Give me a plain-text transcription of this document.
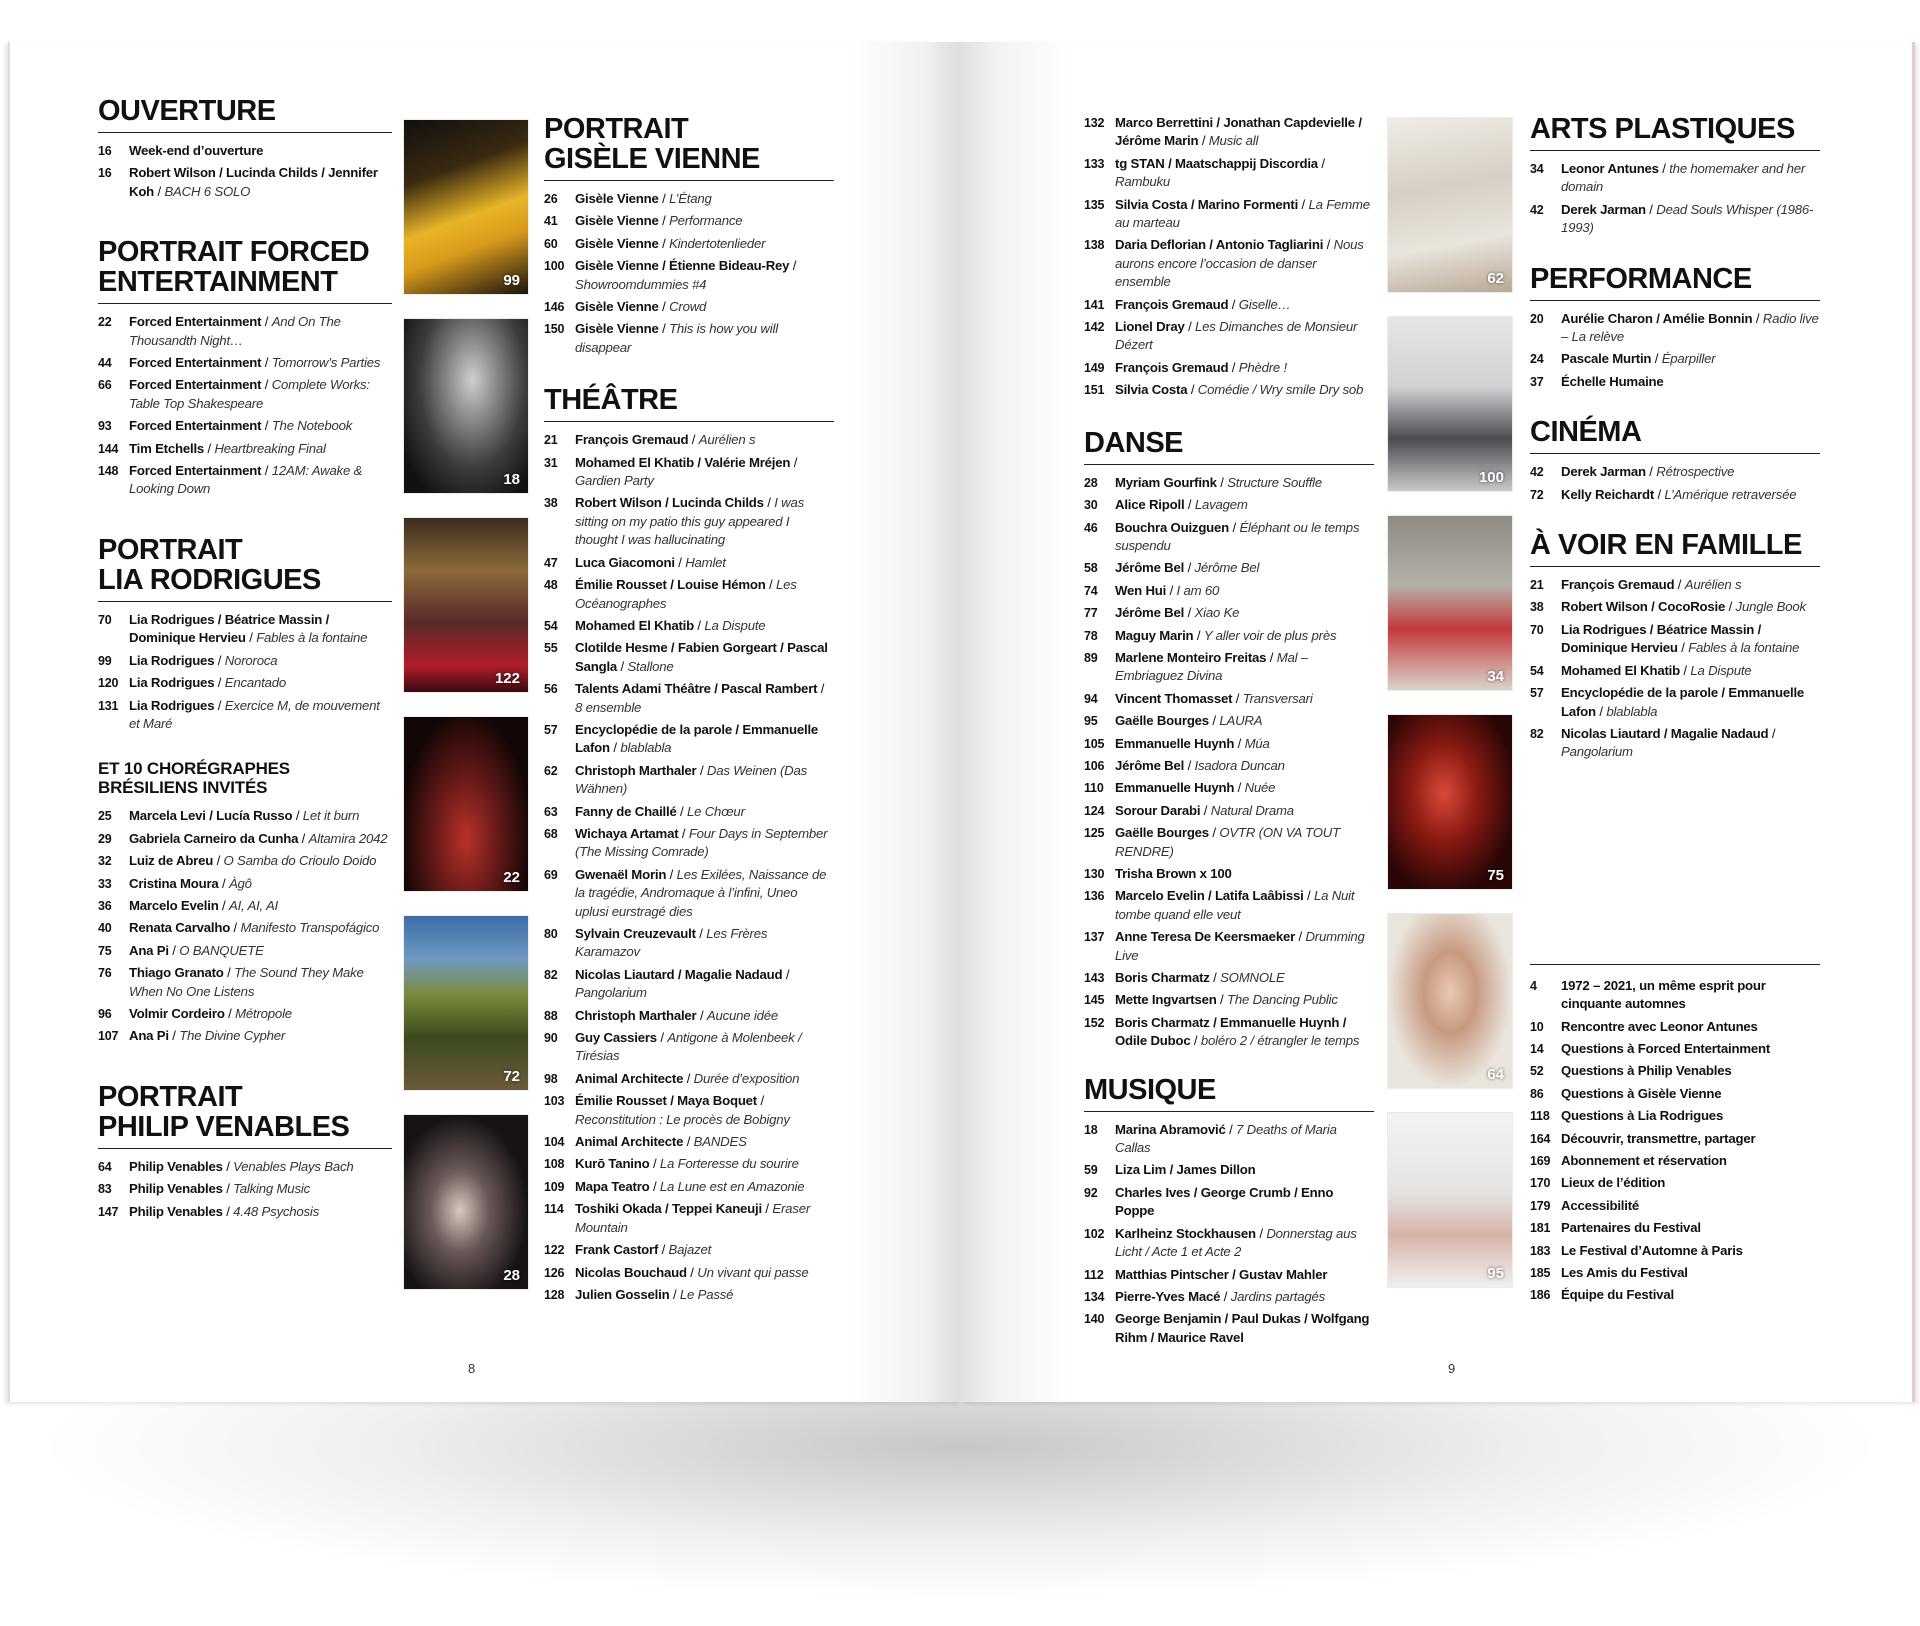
OUVERTURE
16	Week-end d’ouverture
16	Robert Wilson / Lucinda Childs / Jennifer Koh / BACH 6 SOLO
PORTRAIT FORCED
ENTERTAINMENT
22	Forced Entertainment / And On The Thousandth Night…
44	Forced Entertainment / Tomorrow’s Parties
66	Forced Entertainment / Complete Works: Table Top Shakespeare
93	Forced Entertainment / The Notebook
144 Tim Etchells / Heartbreaking Final
148 Forced Entertainment / 12AM: Awake & Looking Down
PORTRAIT
LIA RODRIGUES
70	Lia Rodrigues / Béatrice Massin / Dominique Hervieu / Fables à la fontaine
99	Lia Rodrigues / Nororoca
120 Lia Rodrigues / Encantado
131 Lia Rodrigues / Exercice M, de mouvement et Maré
ET 10 CHORÉGRAPHES
BRÉSILIENS INVITÉS
25	Marcela Levi / Lucía Russo / Let it burn
29	Gabriela Carneiro da Cunha / Altamira 2042
32	Luiz de Abreu / O Samba do Crioulo Doido
33	Cristina Moura / Àgô
36	Marcelo Evelin / AI, AI, AI
40	Renata Carvalho / Manifesto Transpofágico
75	Ana Pi / O BANQUETE
76	Thiago Granato / The Sound They Make When No One Listens
96	Volmir Cordeiro / Métropole
107 Ana Pi / The Divine Cypher
PORTRAIT
PHILIP VENABLES
64	Philip Venables / Venables Plays Bach
83	Philip Venables / Talking Music
147 Philip Venables / 4.48 Psychosis
99
18
122
22
72
28
PORTRAIT
GISÈLE VIENNE
26	Gisèle Vienne / L’Étang
41	Gisèle Vienne / Performance
60	Gisèle Vienne / Kindertotenlieder
100 Gisèle Vienne / Étienne Bideau-Rey / Showroomdummies #4
146 Gisèle Vienne / Crowd
150 Gisèle Vienne / This is how you will disappear
THÉÂTRE
21	François Gremaud / Aurélien s
31	Mohamed El Khatib / Valérie Mréjen / Gardien Party
38	Robert Wilson / Lucinda Childs / I was sitting on my patio this guy appeared I thought I was hallucinating
47	Luca Giacomoni / Hamlet
48	Émilie Rousset / Louise Hémon / Les Océanographes
54	Mohamed El Khatib / La Dispute
55	Clotilde Hesme / Fabien Gorgeart / Pascal Sangla / Stallone
56	Talents Adami Théâtre / Pascal Rambert / 8 ensemble
57	Encyclopédie de la parole / Emmanuelle Lafon / blablabla
62	Christoph Marthaler / Das Weinen (Das Wähnen)
63	Fanny de Chaillé / Le Chœur
68	Wichaya Artamat / Four Days in September (The Missing Comrade)
69	Gwenaël Morin / Les Exilées, Naissance de la tragédie, Andromaque à l’infini, Uneo uplusi eurstragé dies
80	Sylvain Creuzevault / Les Frères Karamazov
82	Nicolas Liautard / Magalie Nadaud / Pangolarium
88	Christoph Marthaler / Aucune idée
90	Guy Cassiers / Antigone à Molenbeek / Tirésias
98	Animal Architecte / Durée d’exposition
103 Émilie Rousset / Maya Boquet / Reconstitution : Le procès de Bobigny
104 Animal Architecte / BANDES
108 Kurō Tanino / La Forteresse du sourire
109 Mapa Teatro / La Lune est en Amazonie
114 Toshiki Okada / Teppei Kaneuji / Eraser Mountain
122 Frank Castorf / Bajazet
126 Nicolas Bouchaud / Un vivant qui passe
128 Julien Gosselin / Le Passé
8
132 Marco Berrettini / Jonathan Capdevielle / Jérôme Marin / Music all
133 tg STAN / Maatschappij Discordia / Rambuku
135 Silvia Costa / Marino Formenti / La Femme au marteau
138 Daria Deflorian / Antonio Tagliarini / Nous aurons encore l’occasion de danser ensemble
141 François Gremaud / Giselle…
142 Lionel Dray / Les Dimanches de Monsieur Dézert
149 François Gremaud / Phèdre !
151 Silvia Costa / Comédie / Wry smile Dry sob
DANSE
28	Myriam Gourfink / Structure Souffle
30	Alice Ripoll / Lavagem
46	Bouchra Ouizguen / Éléphant ou le temps suspendu
58	Jérôme Bel / Jérôme Bel
74	Wen Hui / I am 60
77	Jérôme Bel / Xiao Ke
78	Maguy Marin / Y aller voir de plus près
89	Marlene Monteiro Freitas / Mal – Embriaguez Divina
94	Vincent Thomasset / Transversari
95	Gaëlle Bourges / LAURA
105 Emmanuelle Huynh / Múa
106 Jérôme Bel / Isadora Duncan
110 Emmanuelle Huynh / Nuée
124 Sorour Darabi / Natural Drama
125 Gaëlle Bourges / OVTR (ON VA TOUT RENDRE)
130 Trisha Brown x 100
136 Marcelo Evelin / Latifa Laâbissi / La Nuit tombe quand elle veut
137 Anne Teresa De Keersmaeker / Drumming Live
143 Boris Charmatz / SOMNOLE
145 Mette Ingvartsen / The Dancing Public
152 Boris Charmatz / Emmanuelle Huynh / Odile Duboc / boléro 2 / étrangler le temps
MUSIQUE
18	Marina Abramović / 7 Deaths of Maria Callas
59	Liza Lim / James Dillon
92	Charles Ives / George Crumb / Enno Poppe
102 Karlheinz Stockhausen / Donnerstag aus Licht / Acte 1 et Acte 2
112 Matthias Pintscher / Gustav Mahler
134 Pierre-Yves Macé / Jardins partagés
140 George Benjamin / Paul Dukas / Wolfgang Rihm / Maurice Ravel
62
100
34
75
64
95
ARTS PLASTIQUES
34	Leonor Antunes / the homemaker and her domain
42	Derek Jarman / Dead Souls Whisper (1986-1993)
PERFORMANCE
20	Aurélie Charon / Amélie Bonnin / Radio live – La relève
24	Pascale Murtin / Éparpiller
37	Échelle Humaine
CINÉMA
42	Derek Jarman / Rétrospective
72	Kelly Reichardt / L’Amérique retraversée
À VOIR EN FAMILLE
21	François Gremaud / Aurélien s
38	Robert Wilson / CocoRosie / Jungle Book
70	Lia Rodrigues / Béatrice Massin / Dominique Hervieu / Fables à la fontaine
54	Mohamed El Khatib / La Dispute
57	Encyclopédie de la parole / Emmanuelle Lafon / blablabla
82	Nicolas Liautard / Magalie Nadaud / Pangolarium
4	1972 – 2021, un même esprit pour cinquante automnes
10	Rencontre avec Leonor Antunes
14	Questions à Forced Entertainment
52	Questions à Philip Venables
86	Questions à Gisèle Vienne
118 Questions à Lia Rodrigues
164 Découvrir, transmettre, partager
169 Abonnement et réservation
170 Lieux de l’édition
179 Accessibilité
181 Partenaires du Festival
183 Le Festival d’Automne à Paris
185 Les Amis du Festival
186 Équipe du Festival
9
